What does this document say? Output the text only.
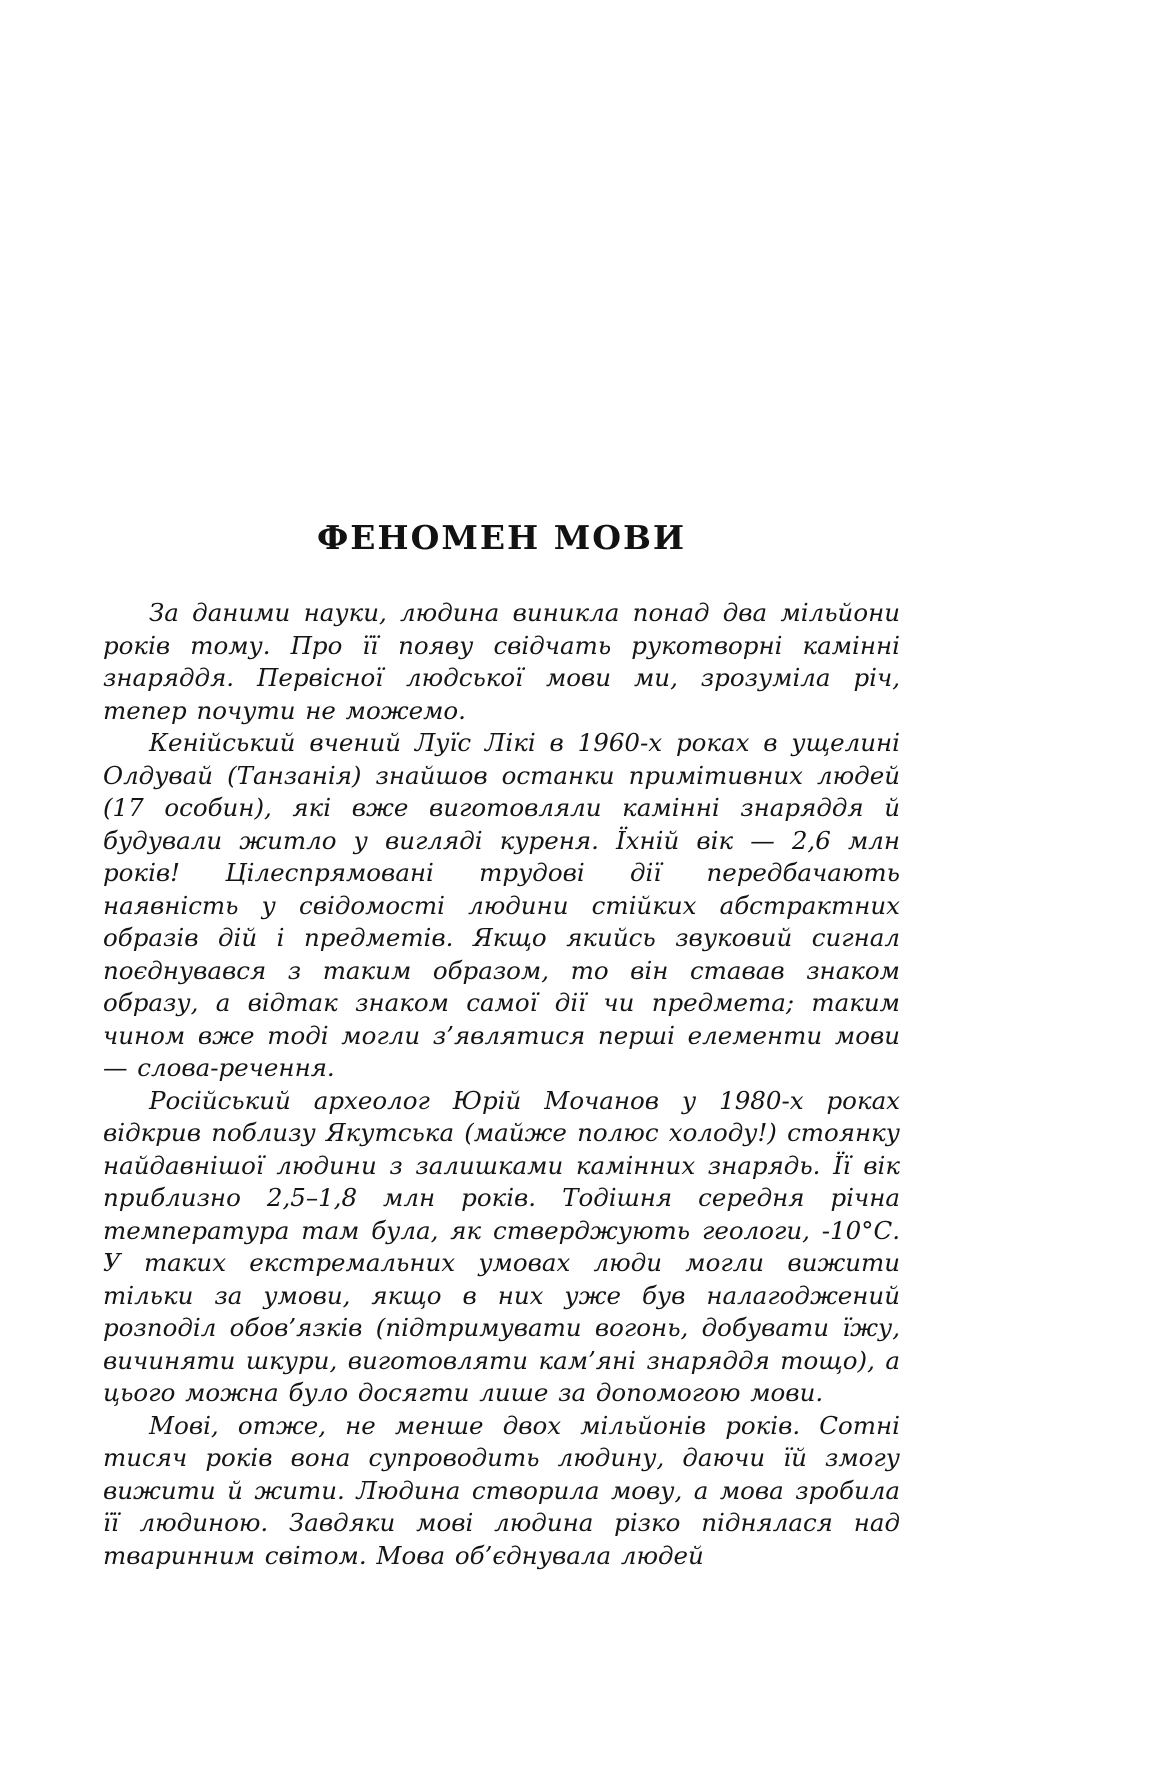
ФЕНОМЕН МОВИ

За даними науки, людина виникла понад два мільйони років тому. Про її появу свідчать рукотворні камінні знаряддя. Первісної людської мови ми, зрозуміла річ, тепер почути не можемо.

Кенійський вчений Луїс Лікі в 1960-х роках в ущелині Олдувай (Танзанія) знайшов останки примітивних людей (17 особин), які вже виготовляли камінні знаряддя й будували житло у вигляді куреня. Їхній вік — 2,6 млн років! Цілеспрямовані трудові дії передбачають наявність у свідомості людини стійких абстрактних образів дій і предметів. Якщо якийсь звуковий сигнал поєднувався з таким образом, то він ставав знаком образу, а відтак знаком самої дії чи предмета; таким чином вже тоді могли з’являтися перші елементи мови — слова-речення.

Російський археолог Юрій Мочанов у 1980-х роках відкрив поблизу Якутська (майже полюс холоду!) стоянку найдавнішої людини з залишками камінних знарядь. Її вік приблизно 2,5–1,8 млн років. Тодішня середня річна температура там була, як стверджують геологи, -10°С. У таких екстремальних умовах люди могли вижити тільки за умови, якщо в них уже був налагоджений розподіл обов’язків (підтримувати вогонь, добувати їжу, вичиняти шкури, виготовляти кам’яні знаряддя тощо), а цього можна було досягти лише за допомогою мови.

Мові, отже, не менше двох мільйонів років. Сотні тисяч років вона супроводить людину, даючи їй змогу вижити й жити. Людина створила мову, а мова зробила її людиною. Завдяки мові людина різко піднялася над тваринним світом. Мова об’єднувала людей
